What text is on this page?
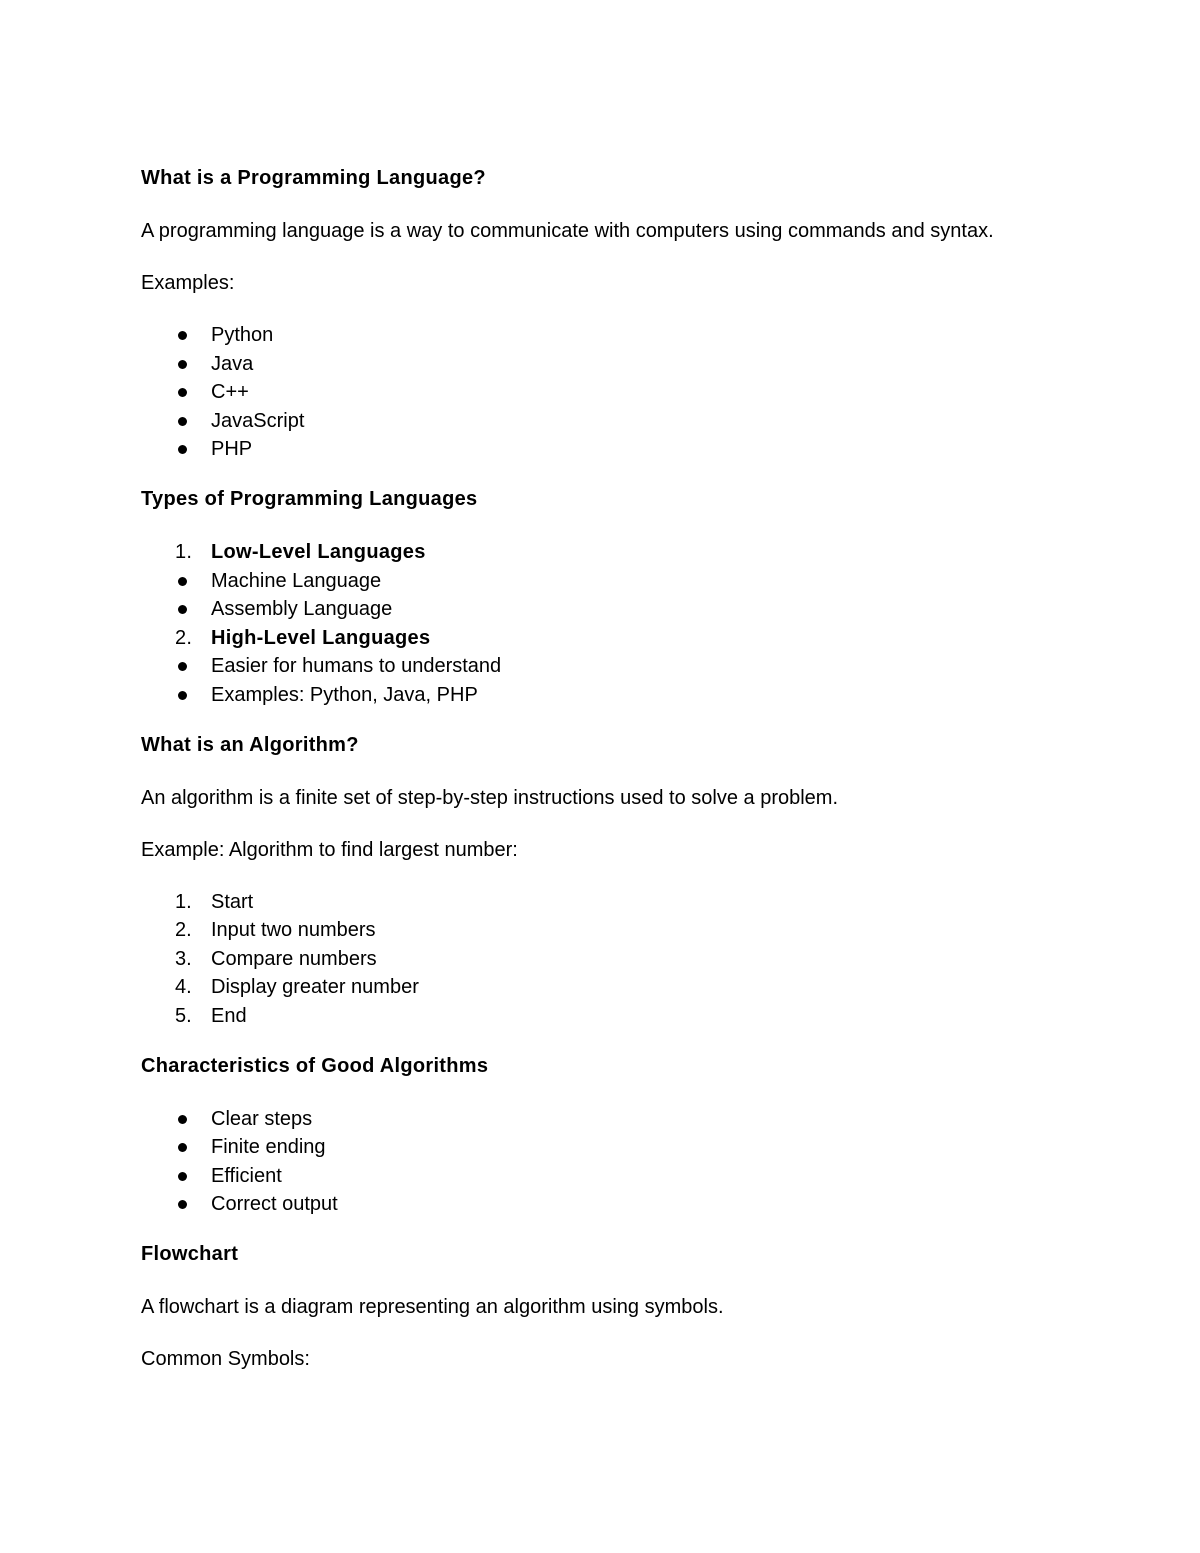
What is a Programming Language?

A programming language is a way to communicate with computers using commands and syntax.

Examples:

Python
Java
C++
JavaScript
PHP
Types of Programming Languages
1. Low-Level Languages
Machine Language
Assembly Language
2. High-Level Languages
Easier for humans to understand
Examples: Python, Java, PHP
What is an Algorithm?

An algorithm is a finite set of step-by-step instructions used to solve a problem.

Example: Algorithm to find largest number:

1. Start
2. Input two numbers
3. Compare numbers
4. Display greater number
5. End
Characteristics of Good Algorithms
Clear steps
Finite ending
Efficient
Correct output
Flowchart

A flowchart is a diagram representing an algorithm using symbols.

Common Symbols:
